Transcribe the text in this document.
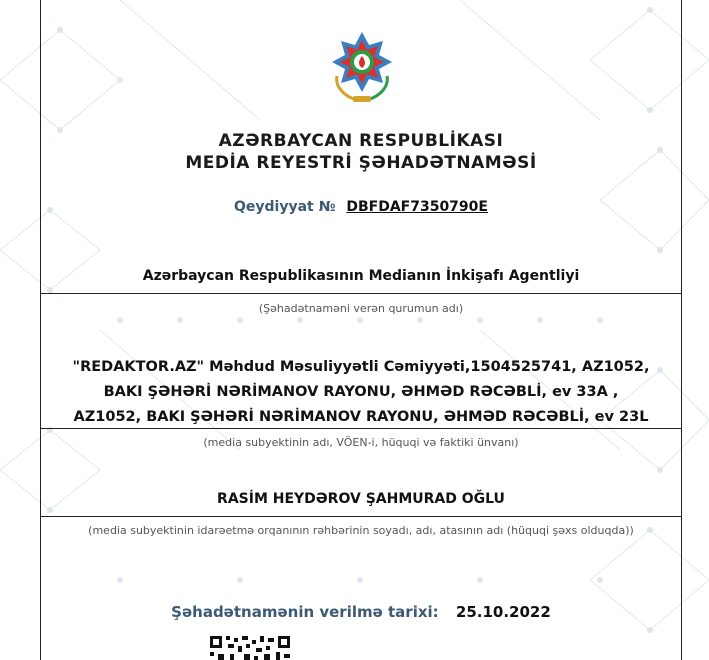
AZƏRBAYCAN RESPUBLİKASI
MEDİA REYESTRİ ŞƏHADƏTNAMƏSİ
Qeydiyyat № DBFDAF7350790E
Azərbaycan Respublikasının Medianın İnkişafı Agentliyi
(Şəhadətnaməni verən qurumun adı)
"REDAKTOR.AZ" Məhdud Məsuliyyətli Cəmiyyəti,1504525741, AZ1052,
BAKI ŞƏHƏRİ NƏRİMANOV RAYONU, ƏHMƏD RƏCƏBLİ, ev 33A ,
AZ1052, BAKI ŞƏHƏRİ NƏRİMANOV RAYONU, ƏHMƏD RƏCƏBLİ, ev 23L
(media subyektinin adı, VÖEN-i, hüquqi və faktiki ünvanı)
RASİM HEYDƏROV ŞAHMURAD OĞLU
(media subyektinin idarəetmə orqanının rəhbərinin soyadı, adı, atasının adı (hüquqi şəxs olduqda))
Şəhadətnamənin verilmə tarixi: 25.10.2022
